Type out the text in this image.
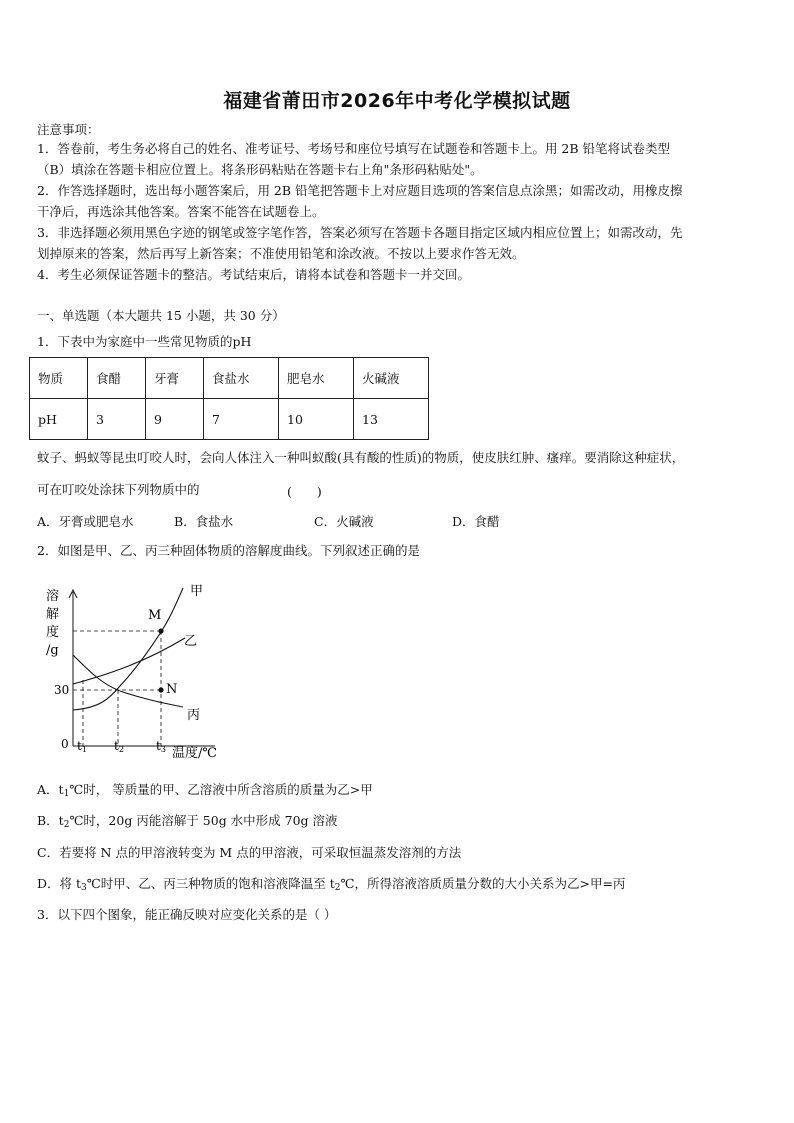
福建省莆田市2026年中考化学模拟试题
注意事项：
1．答卷前，考生务必将自己的姓名、准考证号、考场号和座位号填写在试题卷和答题卡上。用 2B 铅笔将试卷类型
（B）填涂在答题卡相应位置上。将条形码粘贴在答题卡右上角"条形码粘贴处"。
2．作答选择题时，选出每小题答案后，用 2B 铅笔把答题卡上对应题目选项的答案信息点涂黑；如需改动，用橡皮擦
干净后，再选涂其他答案。答案不能答在试题卷上。
3．非选择题必须用黑色字迹的钢笔或签字笔作答，答案必须写在答题卡各题目指定区域内相应位置上；如需改动，先
划掉原来的答案，然后再写上新答案；不准使用铅笔和涂改液。不按以上要求作答无效。
4．考生必须保证答题卡的整洁。考试结束后，请将本试卷和答题卡一并交回。
一、单选题（本大题共 15 小题，共 30 分）
1．下表中为家庭中一些常见物质的pH
物质	食醋	牙膏	食盐水	肥皂水	火碱液
pH	3	9	7	10	13
蚊子、蚂蚁等昆虫叮咬人时，会向人体注入一种叫蚁酸(具有酸的性质)的物质，使皮肤红肿、瘙痒。要消除这种症状，
可在叮咬处涂抹下列物质中的	(　　)
A．牙膏或肥皂水	B．食盐水	C．火碱液	D．食醋
2．如图是甲、乙、丙三种固体物质的溶解度曲线。下列叙述正确的是
溶
解
度
/g
0
30
t1 t2	t3 温度/℃
甲
乙
丙
M
N
A．$t_1℃$时， 等质量的甲、乙溶液中所含溶质的质量为乙>甲
B．$t_2℃$时，20g 丙能溶解于 50g 水中形成 70g 溶液
C．若要将 N 点的甲溶液转变为 M 点的甲溶液，可采取恒温蒸发溶剂的方法
D．将 $t_3℃$时甲、乙、丙三种物质的饱和溶液降温至 $t_2℃$，所得溶液溶质质量分数的大小关系为乙>甲=丙
3．以下四个图象，能正确反映对应变化关系的是（ ）
